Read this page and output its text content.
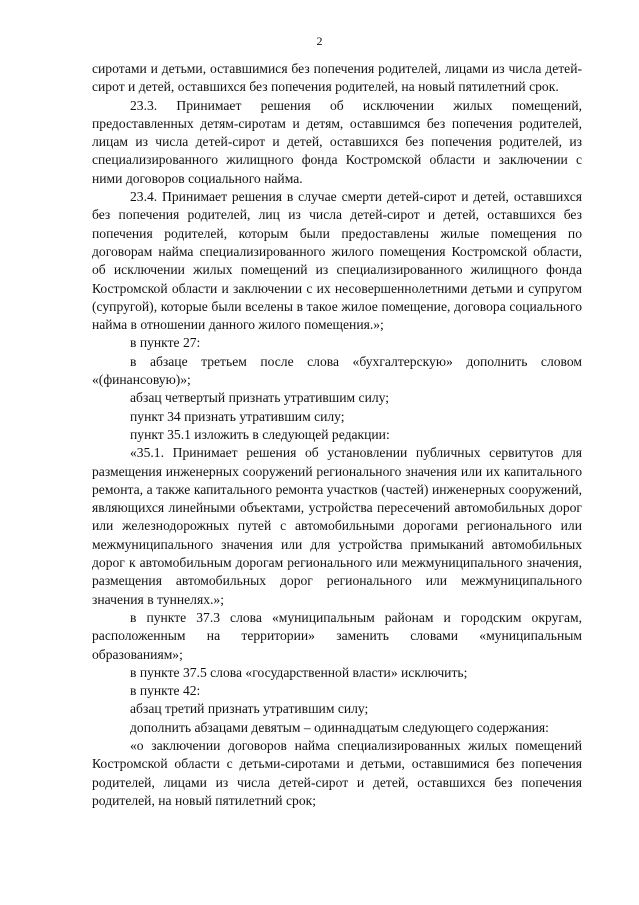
2

сиротами и детьми, оставшимися без попечения родителей, лицами из числа детей-сирот и детей, оставшихся без попечения родителей, на новый пятилетний срок.

23.3. Принимает решения об исключении жилых помещений, предоставленных детям-сиротам и детям, оставшимся без попечения родителей, лицам из числа детей-сирот и детей, оставшихся без попечения родителей, из специализированного жилищного фонда Костромской области и заключении с ними договоров социального найма.

23.4. Принимает решения в случае смерти детей-сирот и детей, оставшихся без попечения родителей, лиц из числа детей-сирот и детей, оставшихся без попечения родителей, которым были предоставлены жилые помещения по договорам найма специализированного жилого помещения Костромской области, об исключении жилых помещений из специализированного жилищного фонда Костромской области и заключении с их несовершеннолетними детьми и супругом (супругой), которые были вселены в такое жилое помещение, договора социального найма в отношении данного жилого помещения.»;

в пункте 27:

в абзаце третьем после слова «бухгалтерскую» дополнить словом «(финансовую)»;

абзац четвертый признать утратившим силу;

пункт 34 признать утратившим силу;

пункт 35.1 изложить в следующей редакции:

«35.1. Принимает решения об установлении публичных сервитутов для размещения инженерных сооружений регионального значения или их капитального ремонта, а также капитального ремонта участков (частей) инженерных сооружений, являющихся линейными объектами, устройства пересечений автомобильных дорог или железнодорожных путей с автомобильными дорогами регионального или межмуниципального значения или для устройства примыканий автомобильных дорог к автомобильным дорогам регионального или межмуниципального значения, размещения автомобильных дорог регионального или межмуниципального значения в туннелях.»;

в пункте 37.3 слова «муниципальным районам и городским округам, расположенным на территории» заменить словами «муниципальным образованиям»;

в пункте 37.5 слова «государственной власти» исключить;

в пункте 42:

абзац третий признать утратившим силу;

дополнить абзацами девятым – одиннадцатым следующего содержания:

«о заключении договоров найма специализированных жилых помещений Костромской области с детьми-сиротами и детьми, оставшимися без попечения родителей, лицами из числа детей-сирот и детей, оставшихся без попечения родителей, на новый пятилетний срок;
